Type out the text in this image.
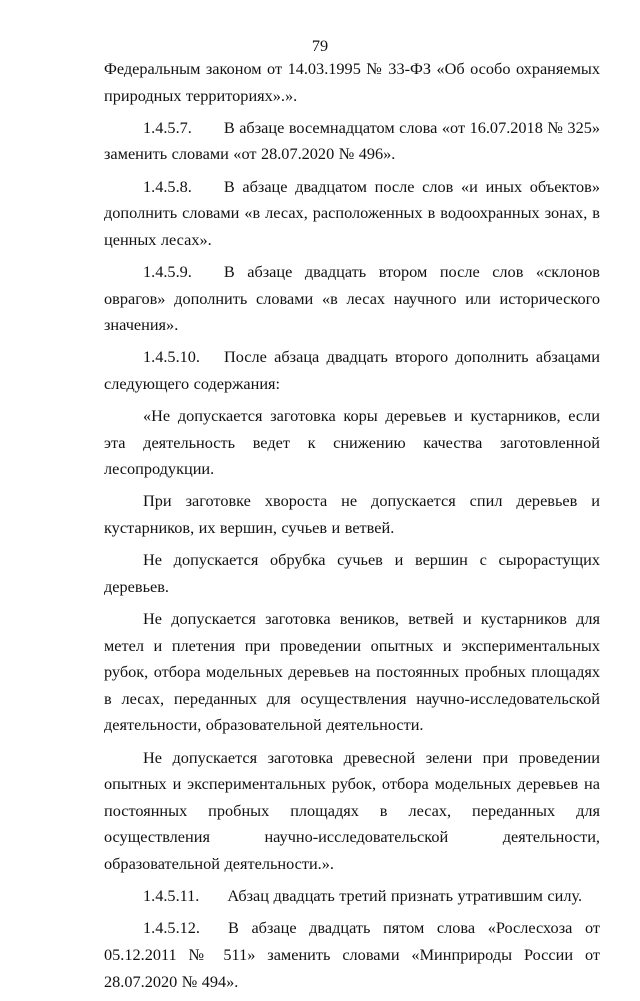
79

Федеральным законом от 14.03.1995 № 33-ФЗ «Об особо охраняемых природных территориях».».

1.4.5.7. В абзаце восемнадцатом слова «от 16.07.2018 № 325» заменить словами «от 28.07.2020 № 496».

1.4.5.8. В абзаце двадцатом после слов «и иных объектов» дополнить словами «в лесах, расположенных в водоохранных зонах, в ценных лесах».

1.4.5.9. В абзаце двадцать втором после слов «склонов оврагов» дополнить словами «в лесах научного или исторического значения».

1.4.5.10. После абзаца двадцать второго дополнить абзацами следующего содержания:

«Не допускается заготовка коры деревьев и кустарников, если эта деятельность ведет к снижению качества заготовленной лесопродукции.

При заготовке хвороста не допускается спил деревьев и кустарников, их вершин, сучьев и ветвей.

Не допускается обрубка сучьев и вершин с сырорастущих деревьев.

Не допускается заготовка веников, ветвей и кустарников для метел и плетения при проведении опытных и экспериментальных рубок, отбора модельных деревьев на постоянных пробных площадях в лесах, переданных для осуществления научно-исследовательской деятельности, образовательной деятельности.

Не допускается заготовка древесной зелени при проведении опытных и экспериментальных рубок, отбора модельных деревьев на постоянных пробных площадях в лесах, переданных для осуществления научно-исследовательской деятельности, образовательной деятельности.».

1.4.5.11. Абзац двадцать третий признать утратившим силу.

1.4.5.12. В абзаце двадцать пятом слова «Рослесхоза от 05.12.2011 № 511» заменить словами «Минприроды России от 28.07.2020 № 494».
